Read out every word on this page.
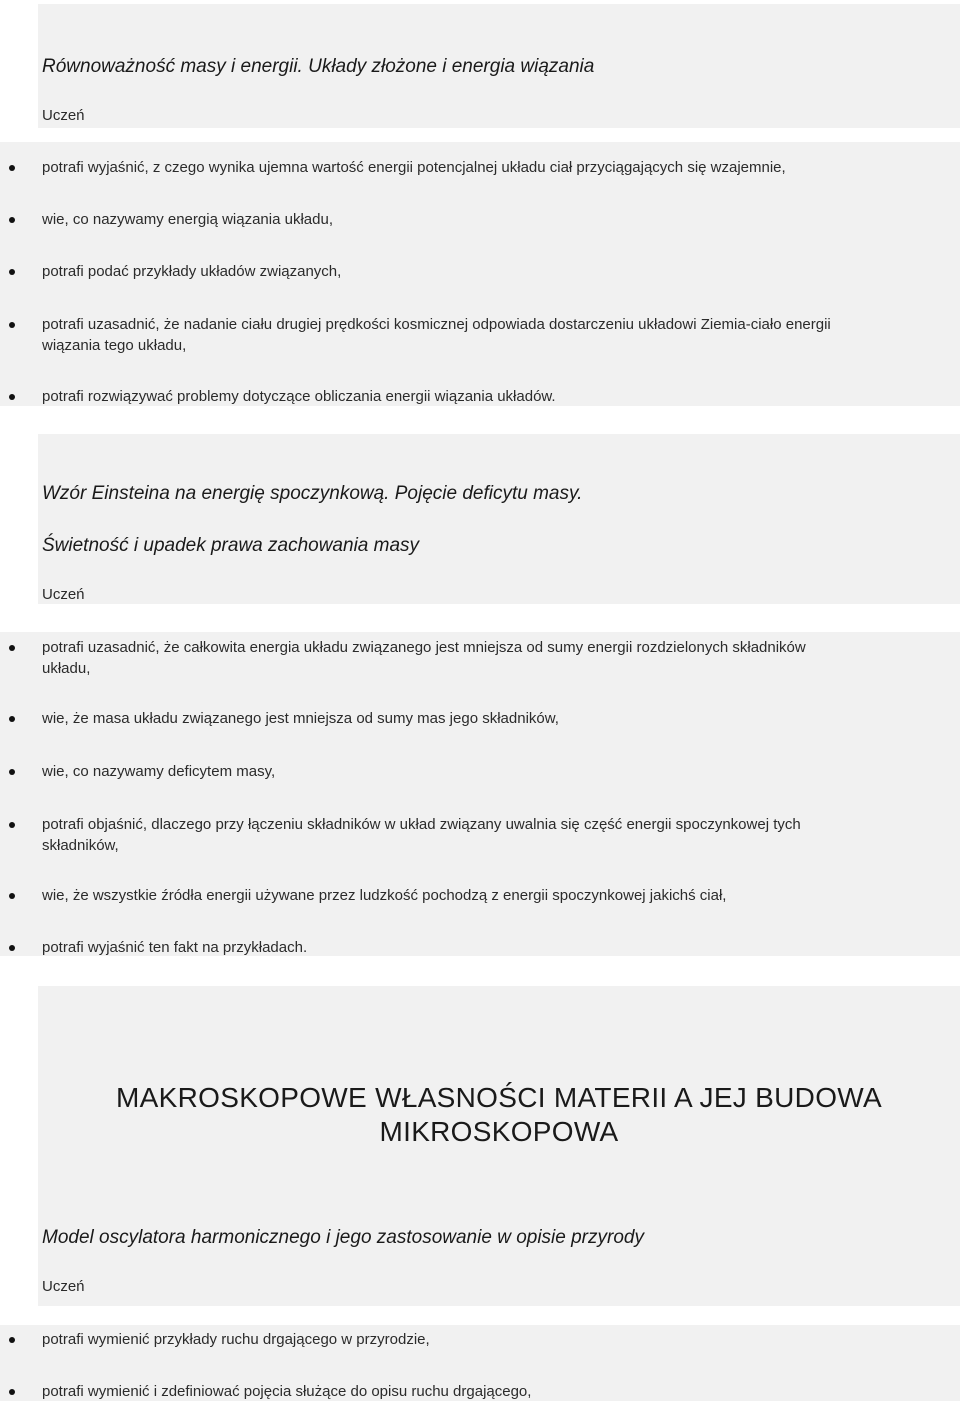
Równoważność masy i energii. Układy złożone i energia wiązania
Uczeń
potrafi wyjaśnić, z czego wynika ujemna wartość energii potencjalnej układu ciał przyciągających się wzajemnie,
wie, co nazywamy energią wiązania układu,
potrafi podać przykłady układów związanych,
potrafi uzasadnić, że nadanie ciału drugiej prędkości kosmicznej odpowiada dostarczeniu układowi Ziemia-ciało energii
wiązania tego układu,
potrafi rozwiązywać problemy dotyczące obliczania energii wiązania układów.
Wzór Einsteina na energię spoczynkową. Pojęcie deficytu masy.
Świetność i upadek prawa zachowania masy
Uczeń
potrafi uzasadnić, że całkowita energia układu związanego jest mniejsza od sumy energii rozdzielonych składników
układu,
wie, że masa układu związanego jest mniejsza od sumy mas jego składników,
wie, co nazywamy deficytem masy,
potrafi objaśnić, dlaczego przy łączeniu składników w układ związany uwalnia się część energii spoczynkowej tych
składników,
wie, że wszystkie źródła energii używane przez ludzkość pochodzą z energii spoczynkowej jakichś ciał,
potrafi wyjaśnić ten fakt na przykładach.
MAKROSKOPOWE WŁASNOŚCI MATERII A JEJ BUDOWA
MIKROSKOPOWA
Model oscylatora harmonicznego i jego zastosowanie w opisie przyrody
Uczeń
potrafi wymienić przykłady ruchu drgającego w przyrodzie,
potrafi wymienić i zdefiniować pojęcia służące do opisu ruchu drgającego,
